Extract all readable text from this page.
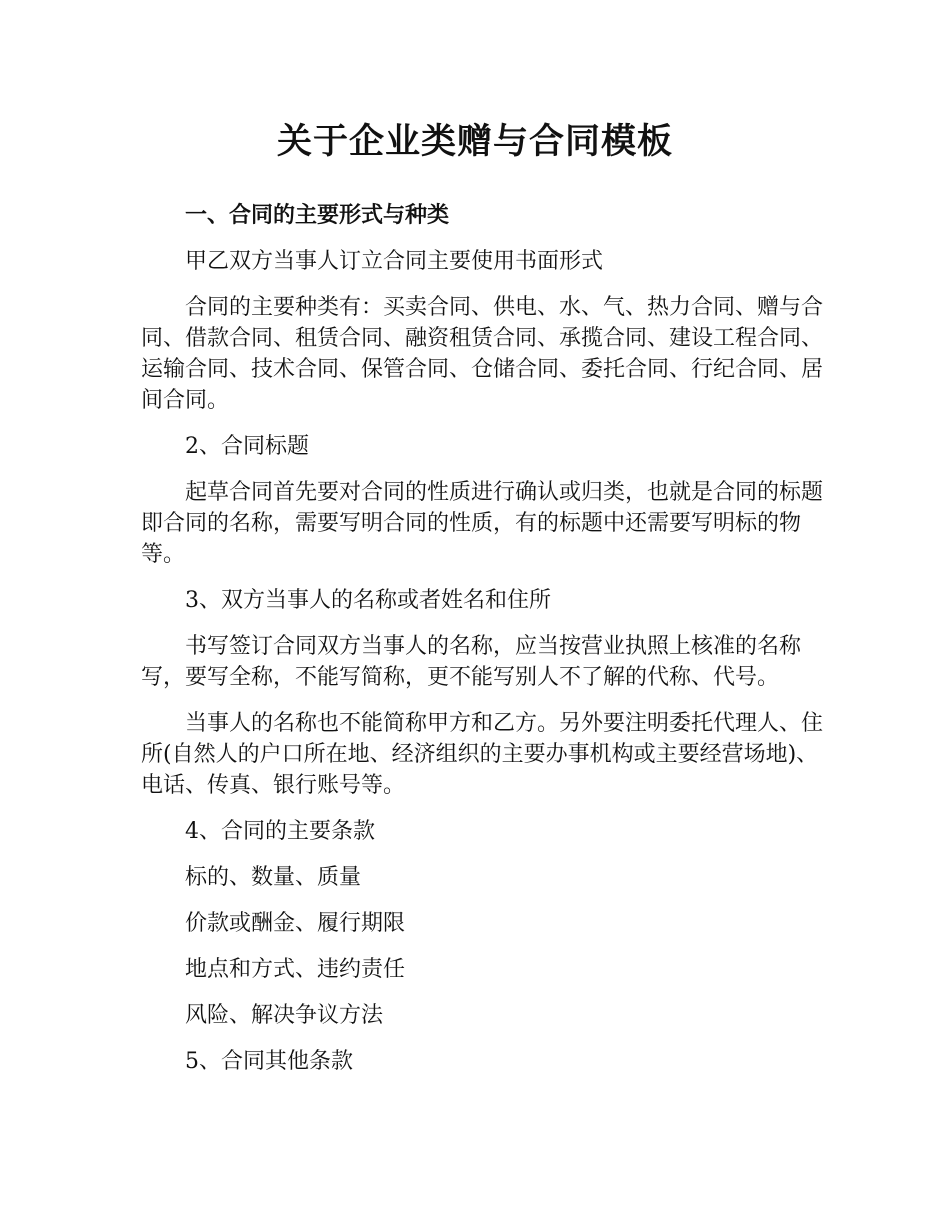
关于企业类赠与合同模板
一、合同的主要形式与种类

甲乙双方当事人订立合同主要使用书面形式

合同的主要种类有：买卖合同、供电、水、气、热力合同、赠与合同、借款合同、租赁合同、融资租赁合同、承揽合同、建设工程合同、运输合同、技术合同、保管合同、仓储合同、委托合同、行纪合同、居间合同。

2、合同标题

起草合同首先要对合同的性质进行确认或归类，也就是合同的标题即合同的名称，需要写明合同的性质，有的标题中还需要写明标的物等。

3、双方当事人的名称或者姓名和住所

书写签订合同双方当事人的名称，应当按营业执照上核准的名称写，要写全称，不能写简称，更不能写别人不了解的代称、代号。

当事人的名称也不能简称甲方和乙方。另外要注明委托代理人、住所(自然人的户口所在地、经济组织的主要办事机构或主要经营场地)、电话、传真、银行账号等。

4、合同的主要条款

标的、数量、质量

价款或酬金、履行期限

地点和方式、违约责任

风险、解决争议方法

5、合同其他条款
